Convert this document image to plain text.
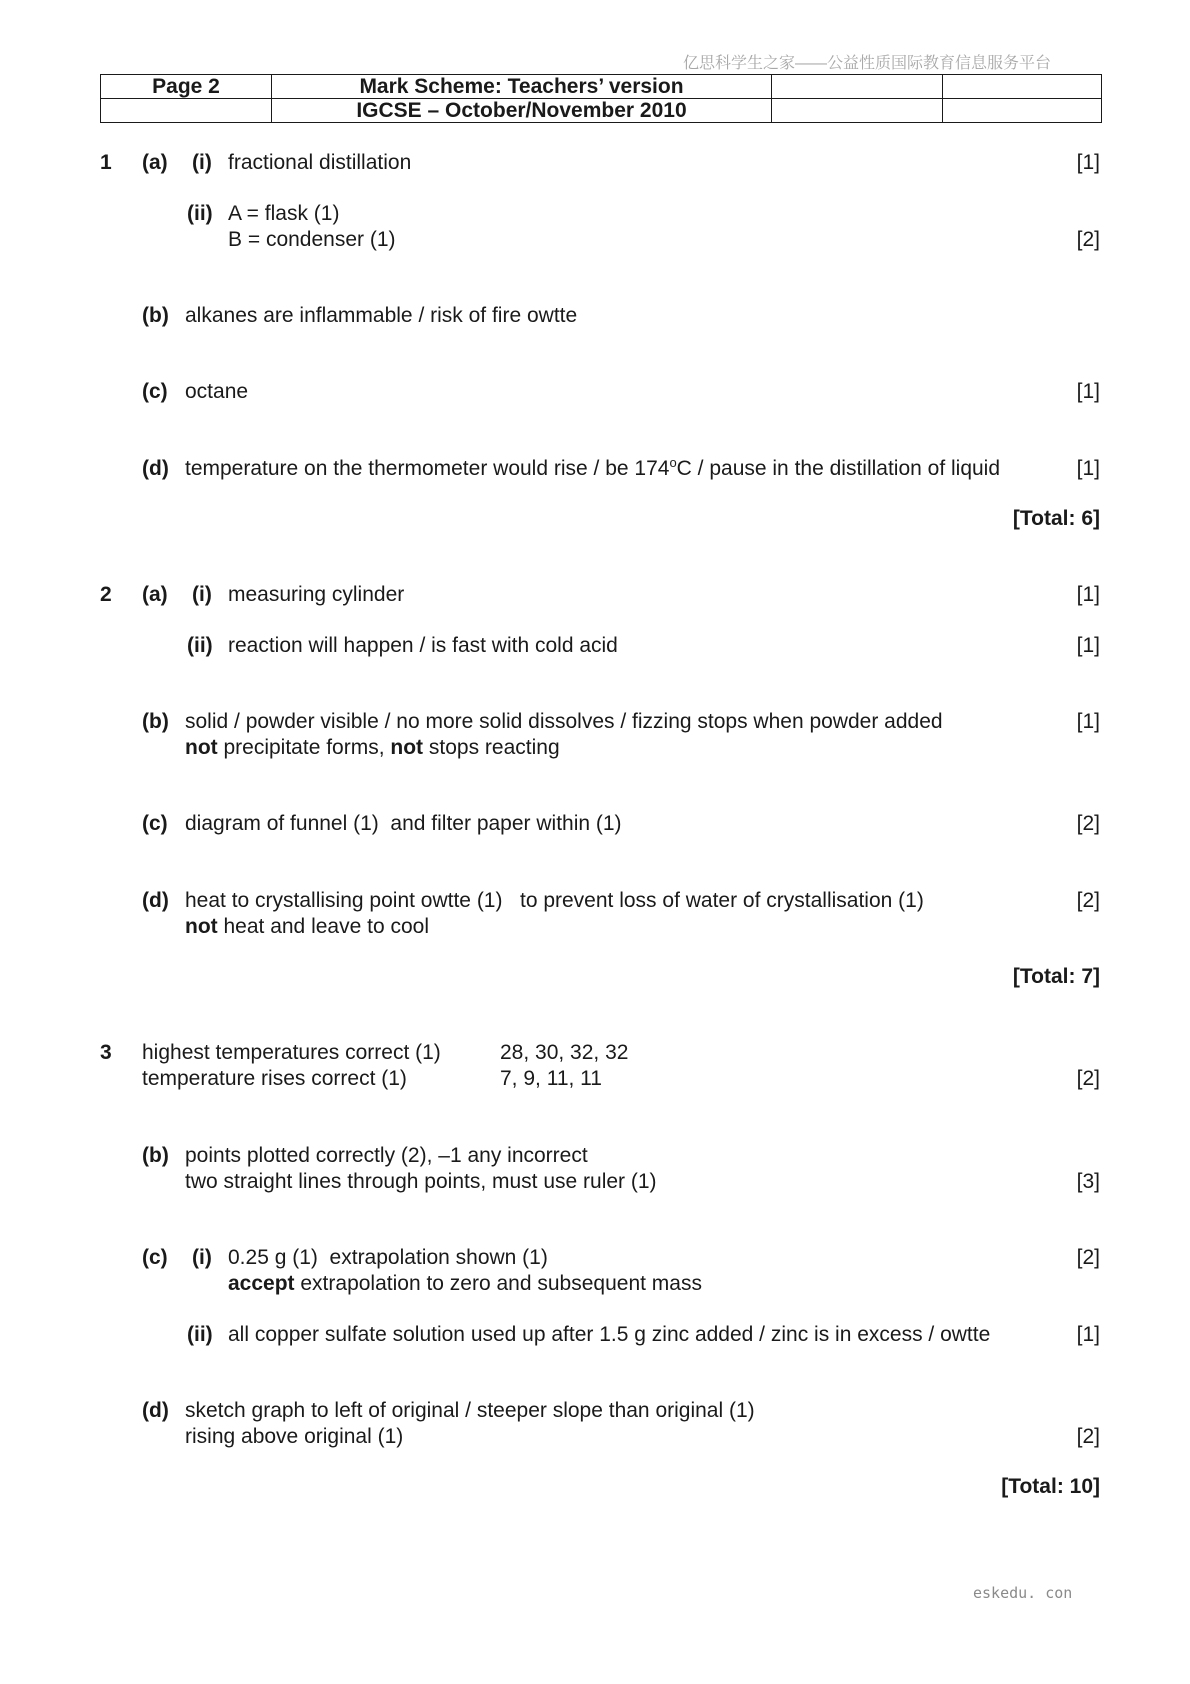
亿思科学生之家——公益性质国际教育信息服务平台
Page 2	Mark Scheme: Teachers’ version		
	IGCSE – October/November 2010		
1 (a) (i) fractional distillation	[1]
(ii) A = flask (1)
B = condenser (1)	[2]
(b) alkanes are inflammable / risk of fire owtte
(c) octane	[1]
(d) temperature on the thermometer would rise / be 174$^o$C / pause in the distillation of liquid	[1]
[Total: 6]
2 (a) (i) measuring cylinder	[1]
(ii) reaction will happen / is fast with cold acid	[1]
(b) solid / powder visible / no more solid dissolves / fizzing stops when powder added
not precipitate forms, not stops reacting
[1]
(c) diagram of funnel (1)  and filter paper within (1)	[2]
(d) heat to crystallising point owtte (1)   to prevent loss of water of crystallisation (1)
not heat and leave to cool
[2]
[Total: 7]
3 highest temperatures correct (1)	28, 30, 32, 32
temperature rises correct (1)	7, 9, 11, 11	[2]
(b) points plotted correctly (2), –1 any incorrect
two straight lines through points, must use ruler (1)	[3]
(c) (i) 0.25 g (1)  extrapolation shown (1)
accept extrapolation to zero and subsequent mass
[2]
(ii) all copper sulfate solution used up after 1.5 g zinc added / zinc is in excess / owtte	[1]
(d) sketch graph to left of original / steeper slope than original (1)
rising above original (1)	[2]
[Total: 10]
eskedu. con
